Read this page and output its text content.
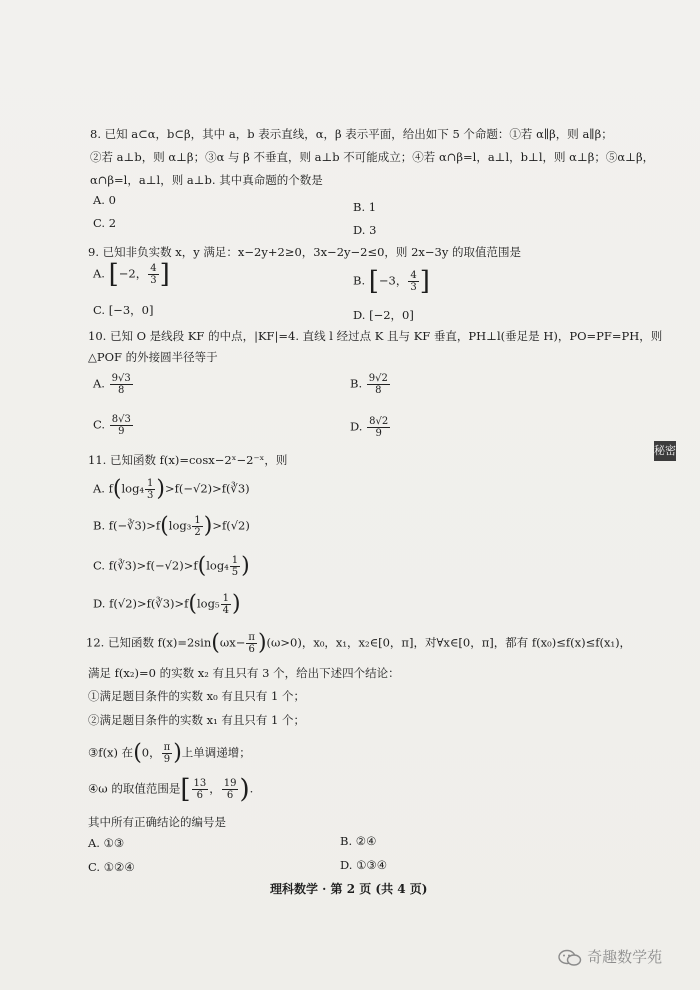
8. 已知 a⊂α，b⊂β，其中 a，b 表示直线，α，β 表示平面，给出如下 5 个命题：①若 α∥β，则 a∥β；
②若 a⊥b，则 α⊥β；③α 与 β 不垂直，则 a⊥b 不可能成立；④若 α∩β=l，a⊥l，b⊥l，则 α⊥β；⑤α⊥β，
α∩β=l，a⊥l，则 a⊥b. 其中真命题的个数是
A. 0	B. 1
C. 2	D. 3
9. 已知非负实数 x，y 满足：x−2y+2≥0，3x−2y−2≤0，则 2x−3y 的取值范围是
A. [−2， $\frac{4}{3}$ ]	B. [−3， $\frac{4}{3}$ ]
C. [−3，0]	D. [−2，0]
10. 已知 O 是线段 KF 的中点，|KF|=4. 直线 l 经过点 K 且与 KF 垂直，PH⊥l(垂足是 H)，PO=PF=PH，则
△POF 的外接圆半径等于
A. $\frac{9√3}{8}$	B. $\frac{9√2}{8}$
C. $\frac{8√3}{9}$	D. $\frac{8√2}{9}$
秘密
11. 已知函数 f(x)=cosx−2ˣ−2⁻ˣ，则
A. $f(\log_4 \frac{1}{3}$ )>f(−√2)>f(∛3)
B. f(−∛3)>f(log₃ $\frac{1}{2} )>f(√2)$
C. f(∛3)>f(−√2)>f(log₄ $\frac{1}{5}$ )
D. f(√2)>f(∛3)>f(log₅ $\frac{1}{4}$ )
12. 已知函数 $f(x)=2\sin(\omega x- \frac{\pi}{6} )(\omega>0)$，x₀，x₁，x₂∈[0，π]，对∀x∈[0，π]，都有 f(x₀)≤f(x)≤f(x₁)，
满足 f(x₂)=0 的实数 x₂ 有且只有 3 个，给出下述四个结论：
①满足题目条件的实数 x₀ 有且只有 1 个；
②满足题目条件的实数 x₁ 有且只有 1 个；
③f(x) 在(0， $\frac{\pi}{9}$ )上单调递增；
④ω 的取值范围是[ $\frac{13}{6}$ ， $\frac{19}{6}$ ).
其中所有正确结论的编号是
A. ①③	B. ②④
C. ①②④	D. ①③④
理科数学 · 第 2 页 (共 4 页)
奇趣数学苑
